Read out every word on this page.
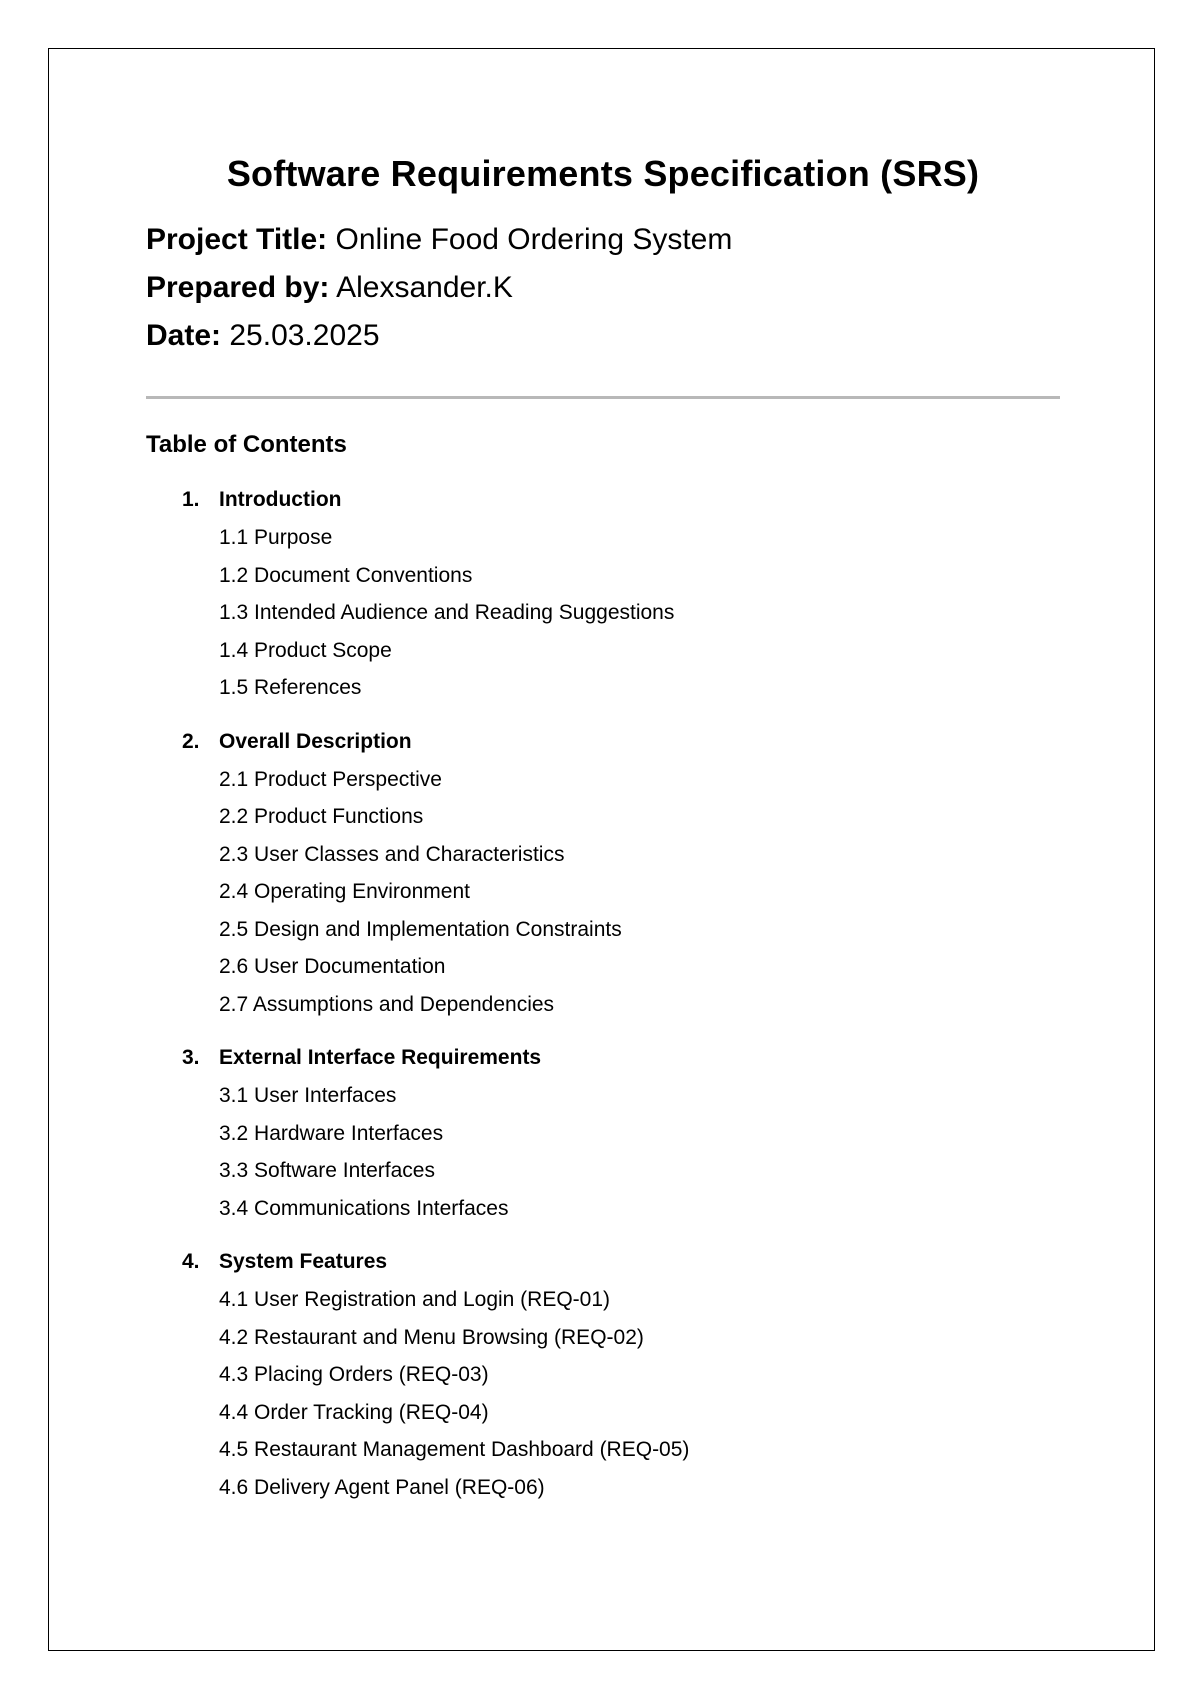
Software Requirements Specification (SRS)

Project Title: Online Food Ordering System

Prepared by: Alexsander.K

Date: 25.03.2025

Table of Contents
1. Introduction
1.1 Purpose
1.2 Document Conventions
1.3 Intended Audience and Reading Suggestions
1.4 Product Scope
1.5 References
2. Overall Description
2.1 Product Perspective
2.2 Product Functions
2.3 User Classes and Characteristics
2.4 Operating Environment
2.5 Design and Implementation Constraints
2.6 User Documentation
2.7 Assumptions and Dependencies
3. External Interface Requirements
3.1 User Interfaces
3.2 Hardware Interfaces
3.3 Software Interfaces
3.4 Communications Interfaces
4. System Features
4.1 User Registration and Login (REQ-01)
4.2 Restaurant and Menu Browsing (REQ-02)
4.3 Placing Orders (REQ-03)
4.4 Order Tracking (REQ-04)
4.5 Restaurant Management Dashboard (REQ-05)
4.6 Delivery Agent Panel (REQ-06)
